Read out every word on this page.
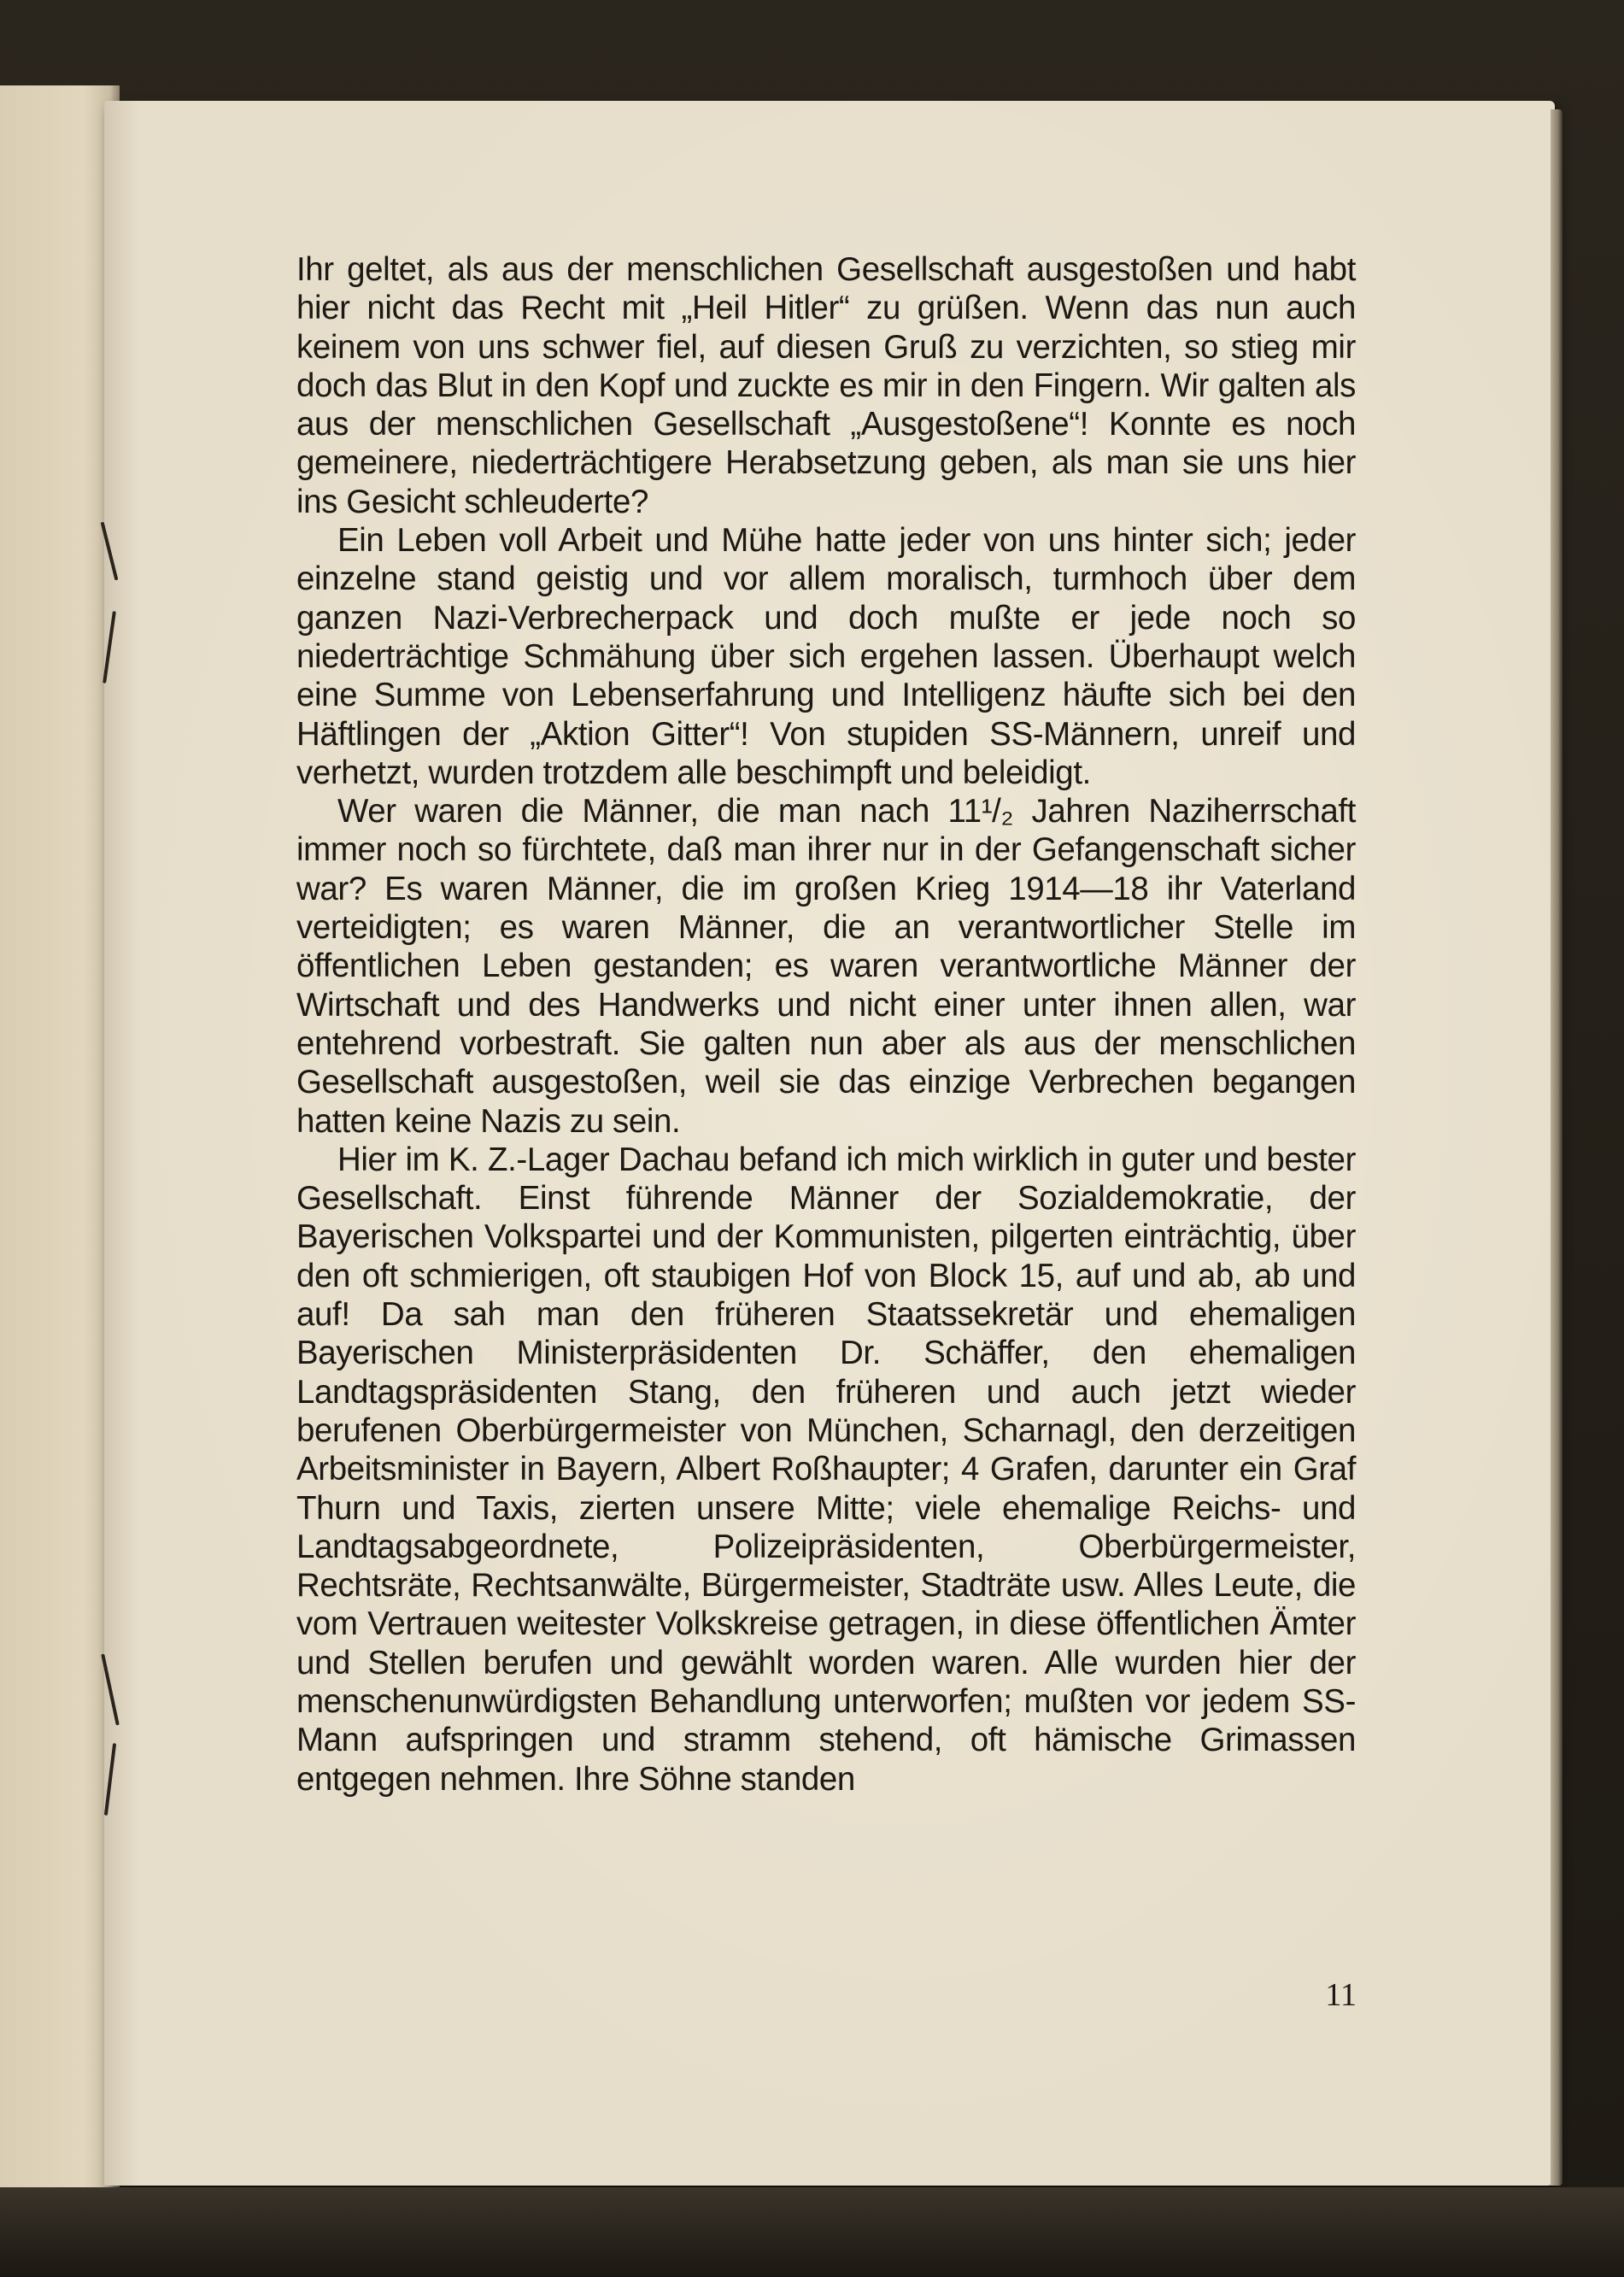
Ihr geltet, als aus der menschlichen Gesellschaft ausgestoßen und habt hier nicht das Recht mit „Heil Hitler“ zu grüßen. Wenn das nun auch keinem von uns schwer fiel, auf diesen Gruß zu verzichten, so stieg mir doch das Blut in den Kopf und zuckte es mir in den Fingern. Wir galten als aus der menschlichen Gesellschaft „Ausgestoßene“! Konnte es noch gemeinere, niederträchtigere Herabsetzung geben, als man sie uns hier ins Gesicht schleuderte?

Ein Leben voll Arbeit und Mühe hatte jeder von uns hinter sich; jeder einzelne stand geistig und vor allem moralisch, turmhoch über dem ganzen Nazi-Verbrecherpack und doch mußte er jede noch so niederträchtige Schmähung über sich ergehen lassen. Überhaupt welch eine Summe von Lebenserfahrung und Intelligenz häufte sich bei den Häftlingen der „Aktion Gitter“! Von stupiden SS-Männern, unreif und verhetzt, wurden trotzdem alle beschimpft und beleidigt.

Wer waren die Männer, die man nach 11¹/₂ Jahren Naziherrschaft immer noch so fürchtete, daß man ihrer nur in der Gefangenschaft sicher war? Es waren Männer, die im großen Krieg 1914—18 ihr Vaterland verteidigten; es waren Männer, die an verantwortlicher Stelle im öffentlichen Leben gestanden; es waren verantwortliche Männer der Wirtschaft und des Handwerks und nicht einer unter ihnen allen, war entehrend vorbestraft. Sie galten nun aber als aus der menschlichen Gesellschaft ausgestoßen, weil sie das einzige Verbrechen begangen hatten keine Nazis zu sein.

Hier im K. Z.-Lager Dachau befand ich mich wirklich in guter und bester Gesellschaft. Einst führende Männer der Sozialdemokratie, der Bayerischen Volkspartei und der Kommunisten, pilgerten einträchtig, über den oft schmierigen, oft staubigen Hof von Block 15, auf und ab, ab und auf! Da sah man den früheren Staatssekretär und ehemaligen Bayerischen Ministerpräsidenten Dr. Schäffer, den ehemaligen Landtagspräsidenten Stang, den früheren und auch jetzt wieder berufenen Oberbürgermeister von München, Scharnagl, den derzeitigen Arbeitsminister in Bayern, Albert Roßhaupter; 4 Grafen, darunter ein Graf Thurn und Taxis, zierten unsere Mitte; viele ehemalige Reichs- und Landtagsabgeordnete, Polizeipräsidenten, Oberbürgermeister, Rechtsräte, Rechtsanwälte, Bürgermeister, Stadträte usw. Alles Leute, die vom Vertrauen weitester Volkskreise getragen, in diese öffentlichen Ämter und Stellen berufen und gewählt worden waren. Alle wurden hier der menschenunwürdigsten Behandlung unterworfen; mußten vor jedem SS-Mann aufspringen und stramm stehend, oft hämische Grimassen entgegen nehmen. Ihre Söhne standen

11
